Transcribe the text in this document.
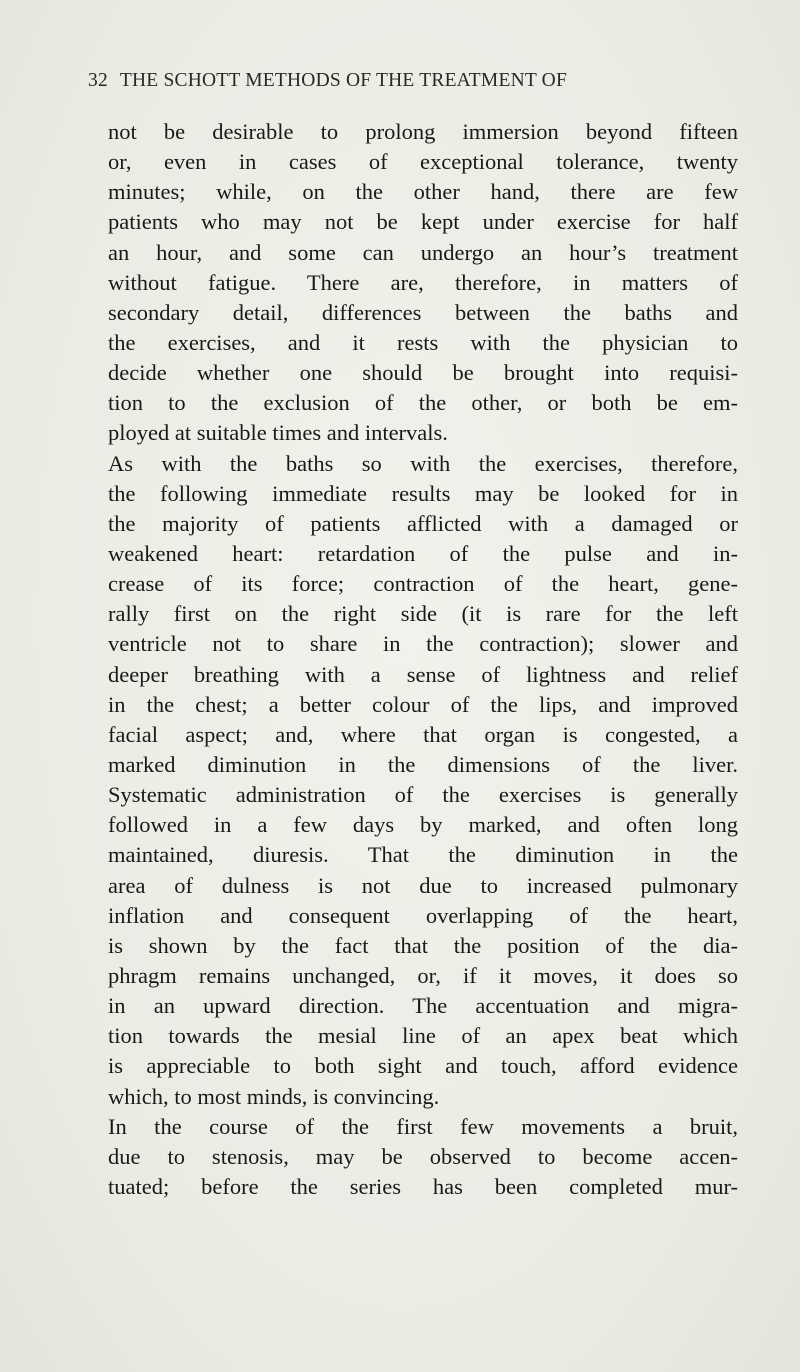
32 THE SCHOTT METHODS OF THE TREATMENT OF
not be desirable to prolong immersion beyond fifteen
or, even in cases of exceptional tolerance, twenty
minutes; while, on the other hand, there are few
patients who may not be kept under exercise for half
an hour, and some can undergo an hour’s treatment
without fatigue. There are, therefore, in matters of
secondary detail, differences between the baths and
the exercises, and it rests with the physician to
decide whether one should be brought into requisi-
tion to the exclusion of the other, or both be em-
ployed at suitable times and intervals.
As with the baths so with the exercises, therefore,
the following immediate results may be looked for in
the majority of patients afflicted with a damaged or
weakened heart: retardation of the pulse and in-
crease of its force; contraction of the heart, gene-
rally first on the right side (it is rare for the left
ventricle not to share in the contraction); slower and
deeper breathing with a sense of lightness and relief
in the chest; a better colour of the lips, and improved
facial aspect; and, where that organ is congested, a
marked diminution in the dimensions of the liver.
Systematic administration of the exercises is generally
followed in a few days by marked, and often long
maintained, diuresis. That the diminution in the
area of dulness is not due to increased pulmonary
inflation and consequent overlapping of the heart,
is shown by the fact that the position of the dia-
phragm remains unchanged, or, if it moves, it does so
in an upward direction. The accentuation and migra-
tion towards the mesial line of an apex beat which
is appreciable to both sight and touch, afford evidence
which, to most minds, is convincing.
In the course of the first few movements a bruit,
due to stenosis, may be observed to become accen-
tuated; before the series has been completed mur-
